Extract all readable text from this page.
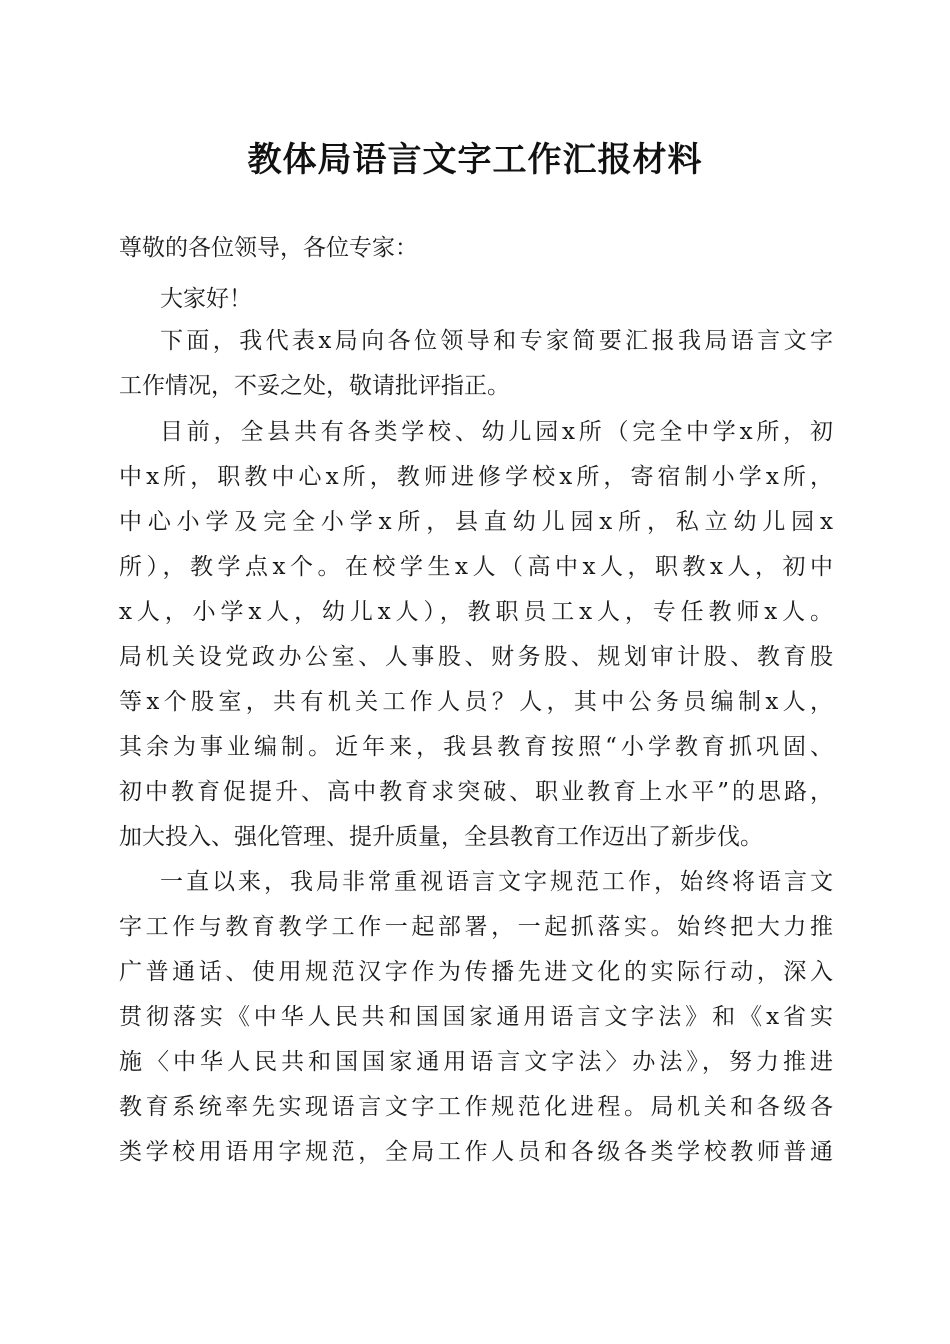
教体局语言文字工作汇报材料
尊敬的各位领导，各位专家：
大家好！
下面，我代表x局向各位领导和专家简要汇报我局语言文字
工作情况，不妥之处，敬请批评指正。
目前，全县共有各类学校、幼儿园x所（完全中学x所，初
中x所，职教中心x所，教师进修学校x所，寄宿制小学x所，
中心小学及完全小学x所，县直幼儿园x所，私立幼儿园x
所），教学点x个。在校学生x人（高中x人，职教x人，初中
x人，小学x人，幼儿x人），教职员工x人，专任教师x人。
局机关设党政办公室、人事股、财务股、规划审计股、教育股
等x个股室，共有机关工作人员？人，其中公务员编制x人，
其余为事业编制。近年来，我县教育按照“小学教育抓巩固、
初中教育促提升、高中教育求突破、职业教育上水平”的思路，
加大投入、强化管理、提升质量，全县教育工作迈出了新步伐。
一直以来，我局非常重视语言文字规范工作，始终将语言文
字工作与教育教学工作一起部署，一起抓落实。始终把大力推
广普通话、使用规范汉字作为传播先进文化的实际行动，深入
贯彻落实《中华人民共和国国家通用语言文字法》和《x省实
施〈中华人民共和国国家通用语言文字法〉办法》，努力推进
教育系统率先实现语言文字工作规范化进程。局机关和各级各
类学校用语用字规范，全局工作人员和各级各类学校教师普通
